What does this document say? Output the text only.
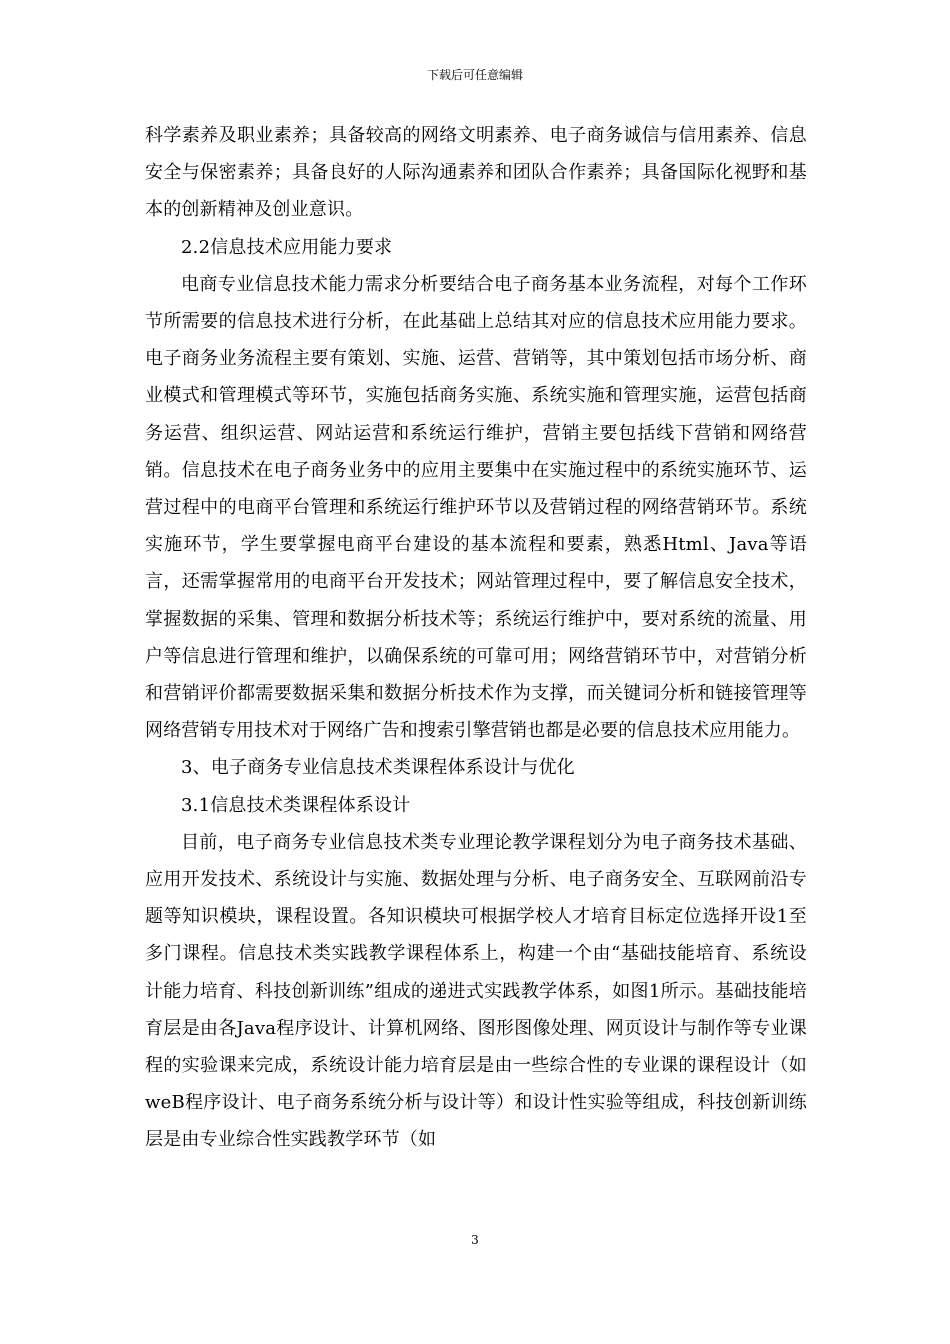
下载后可任意编辑

科学素养及职业素养；具备较高的网络文明素养、电子商务诚信与信用素养、信息安全与保密素养；具备良好的人际沟通素养和团队合作素养；具备国际化视野和基本的创新精神及创业意识。

2.2信息技术应用能力要求

电商专业信息技术能力需求分析要结合电子商务基本业务流程，对每个工作环节所需要的信息技术进行分析，在此基础上总结其对应的信息技术应用能力要求。电子商务业务流程主要有策划、实施、运营、营销等，其中策划包括市场分析、商业模式和管理模式等环节，实施包括商务实施、系统实施和管理实施，运营包括商务运营、组织运营、网站运营和系统运行维护，营销主要包括线下营销和网络营销。信息技术在电子商务业务中的应用主要集中在实施过程中的系统实施环节、运营过程中的电商平台管理和系统运行维护环节以及营销过程的网络营销环节。系统实施环节，学生要掌握电商平台建设的基本流程和要素，熟悉Html、Java等语言，还需掌握常用的电商平台开发技术；网站管理过程中，要了解信息安全技术，掌握数据的采集、管理和数据分析技术等；系统运行维护中，要对系统的流量、用户等信息进行管理和维护，以确保系统的可靠可用；网络营销环节中，对营销分析和营销评价都需要数据采集和数据分析技术作为支撑，而关键词分析和链接管理等网络营销专用技术对于网络广告和搜索引擎营销也都是必要的信息技术应用能力。

3、电子商务专业信息技术类课程体系设计与优化

3.1信息技术类课程体系设计

目前，电子商务专业信息技术类专业理论教学课程划分为电子商务技术基础、应用开发技术、系统设计与实施、数据处理与分析、电子商务安全、互联网前沿专题等知识模块，课程设置。各知识模块可根据学校人才培育目标定位选择开设1至多门课程。信息技术类实践教学课程体系上，构建一个由“基础技能培育、系统设计能力培育、科技创新训练”组成的递进式实践教学体系，如图1所示。基础技能培育层是由各Java程序设计、计算机网络、图形图像处理、网页设计与制作等专业课程的实验课来完成，系统设计能力培育层是由一些综合性的专业课的课程设计（如weB程序设计、电子商务系统分析与设计等）和设计性实验等组成，科技创新训练层是由专业综合性实践教学环节（如

3
